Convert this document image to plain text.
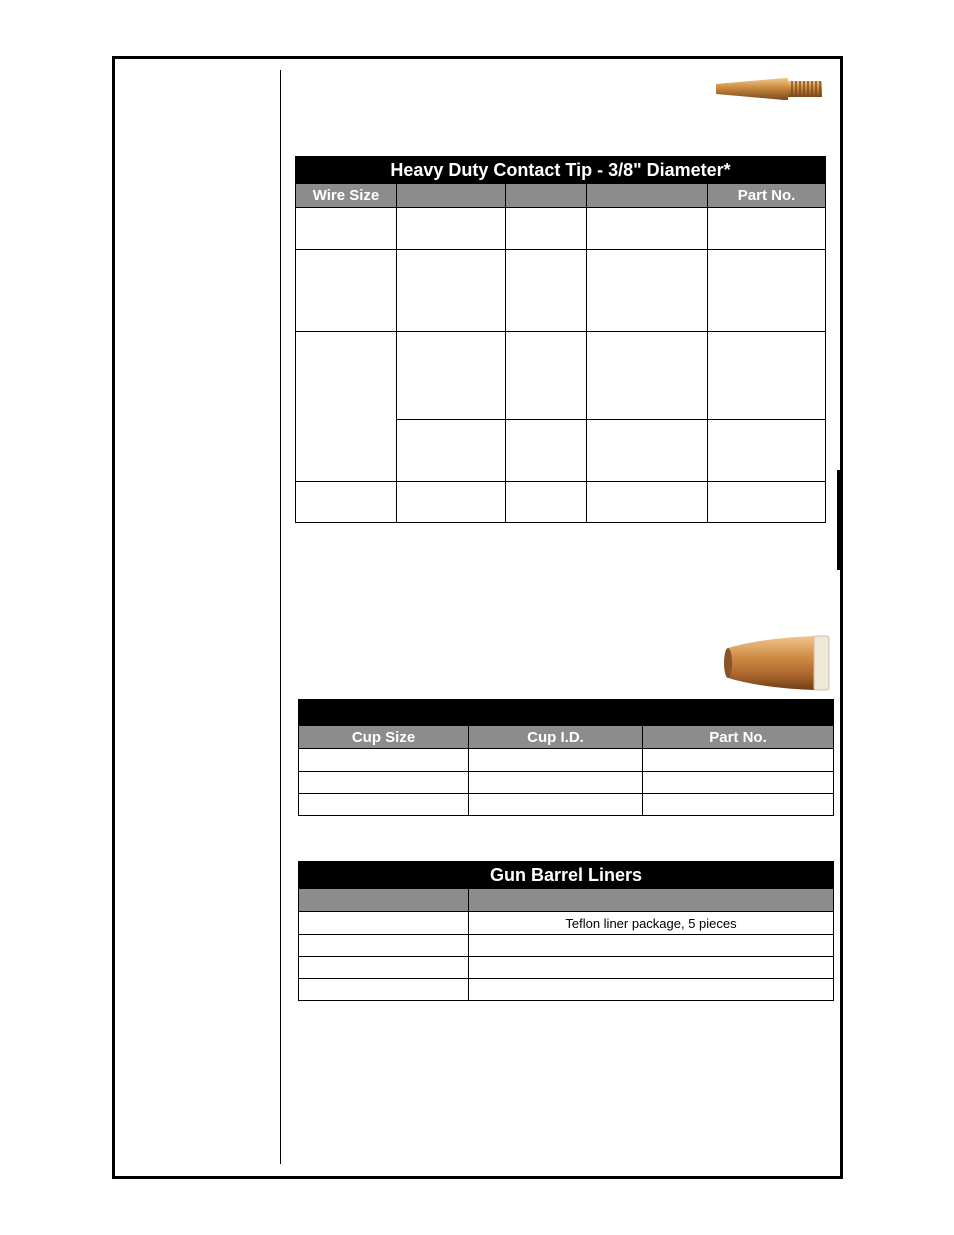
Heavy Duty Contact Tip - 3/8" Diameter*				
Wire Size				Part No.

Cup Size	Cup I.D.	Part No.

Gun Barrel Liners	

	Teflon liner package, 5 pieces
